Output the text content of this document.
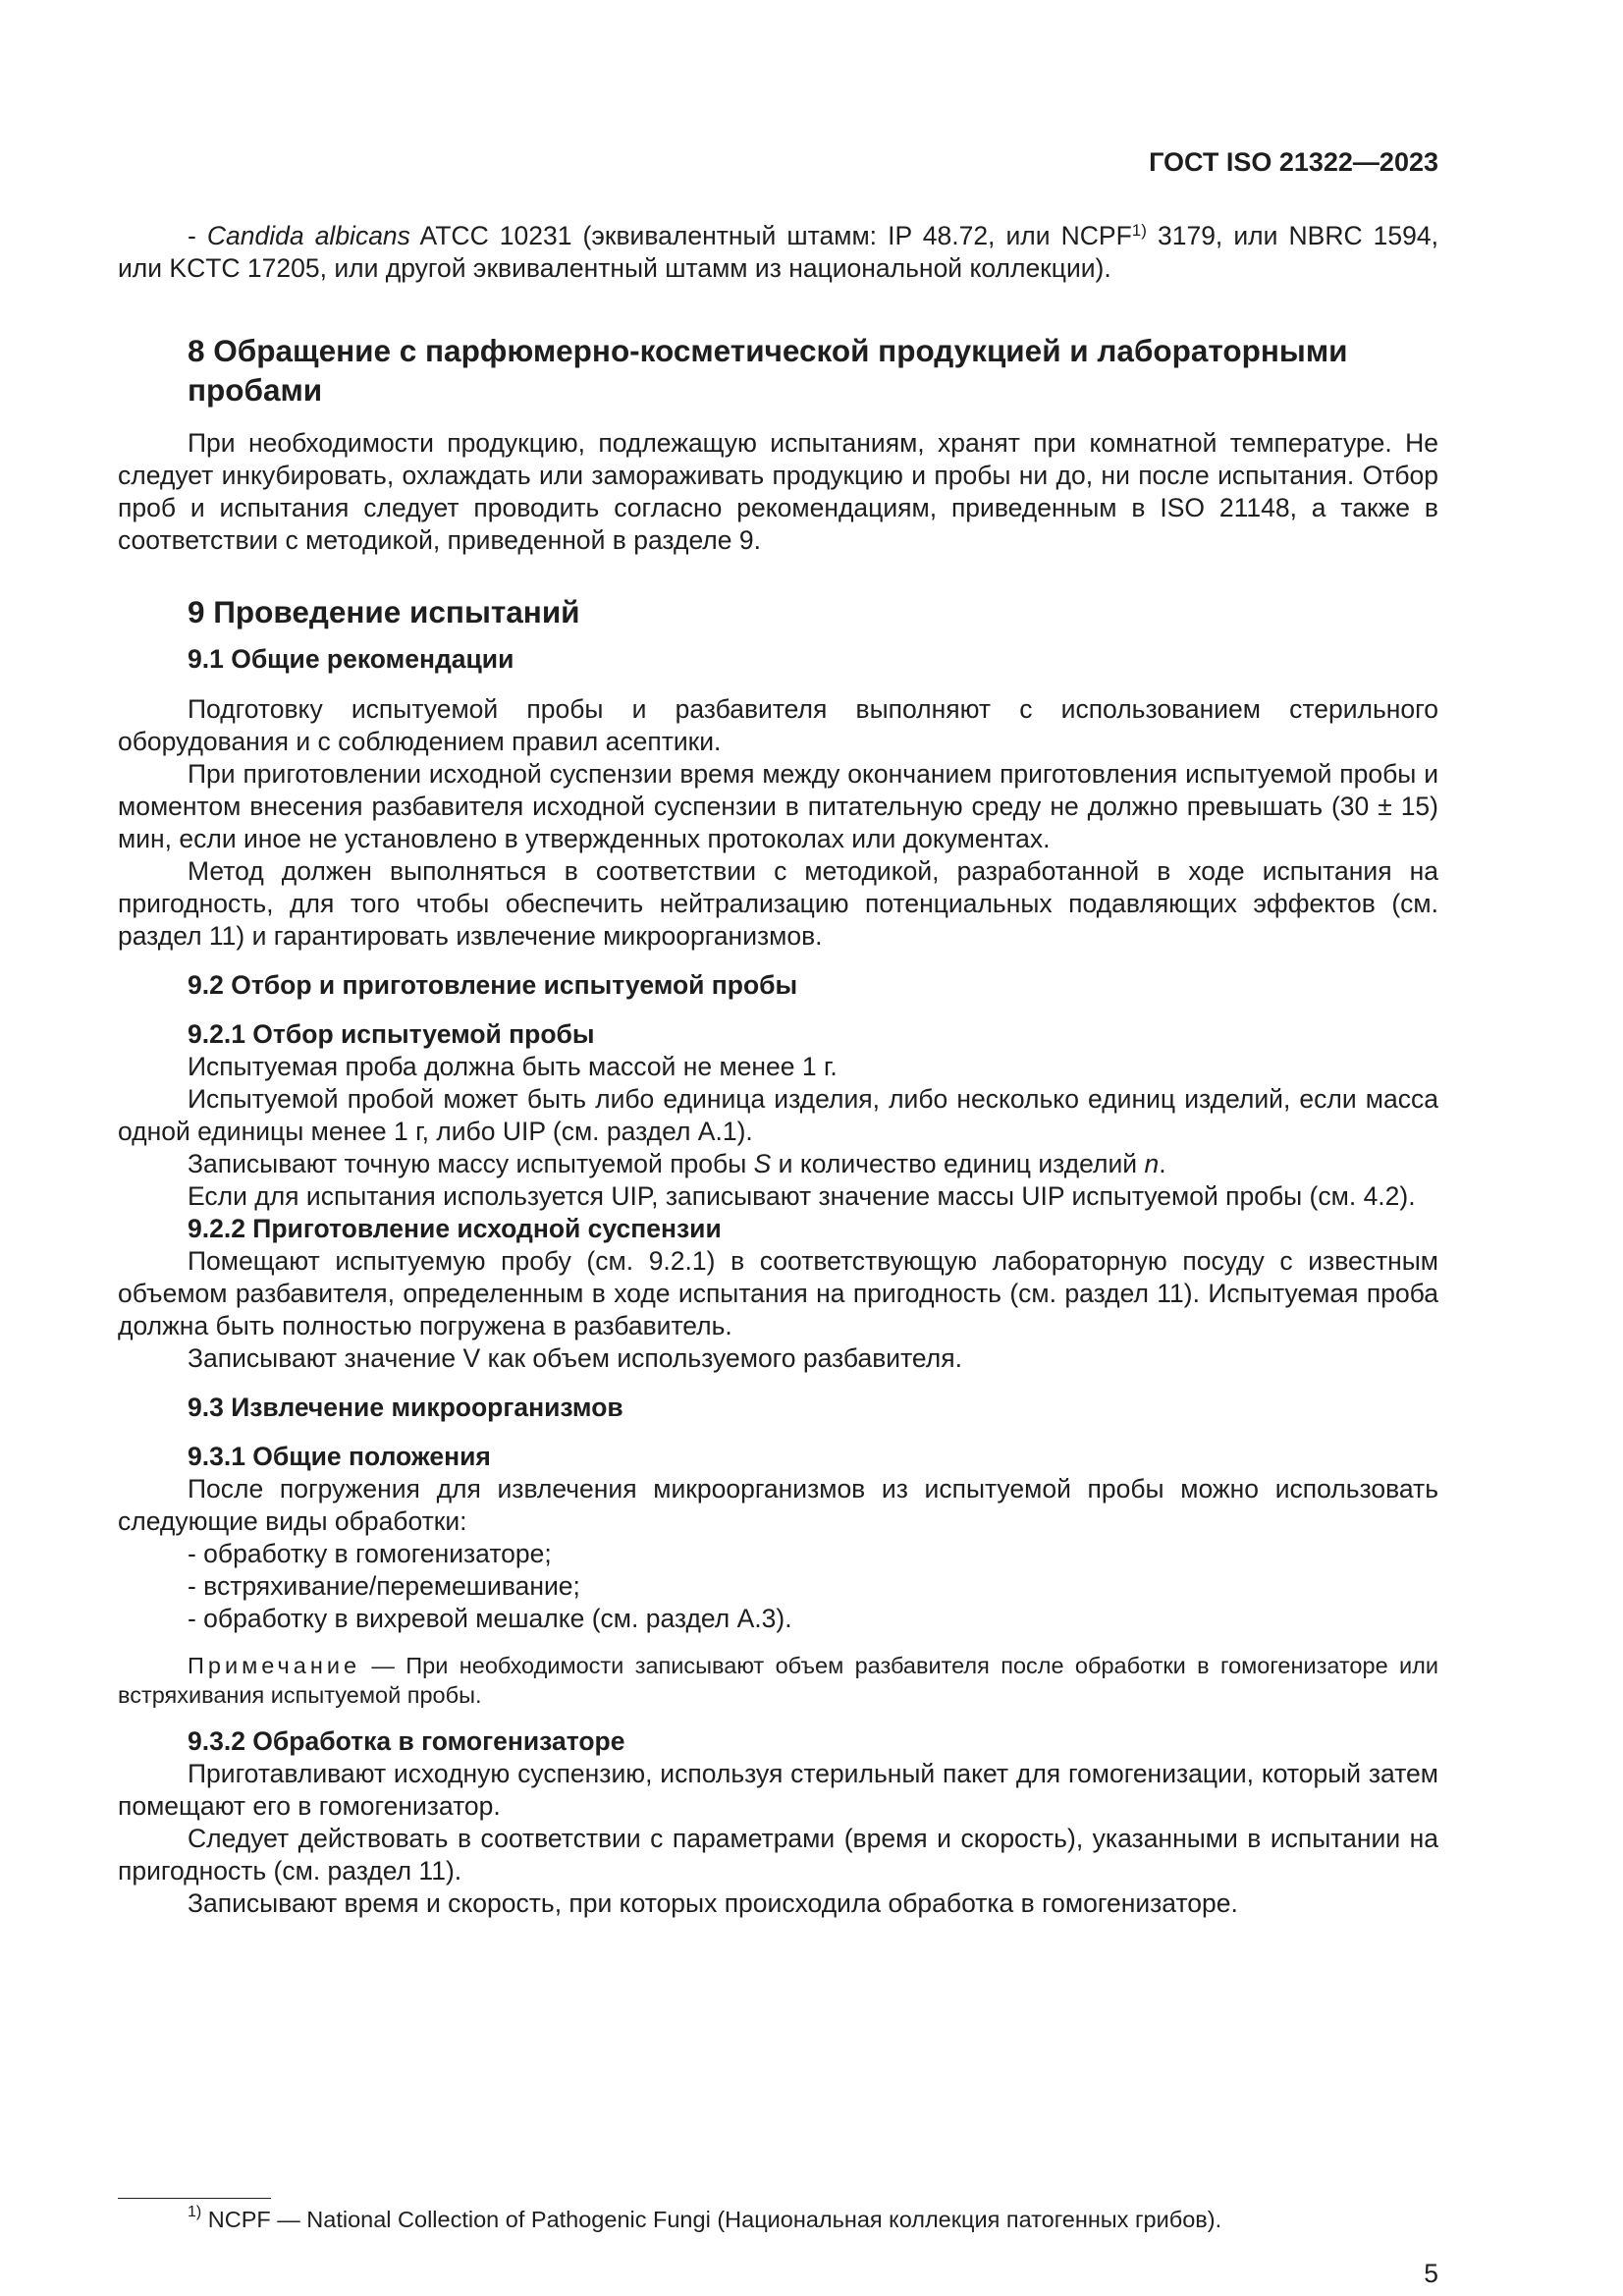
ГОСТ ISO 21322—2023

- Candida albicans ATCC 10231 (эквивалентный штамм: IP 48.72, или NCPF$^{1)}$ 3179, или NBRC 1594, или KCTC 17205, или другой эквивалентный штамм из национальной коллекции).

8 Обращение с парфюмерно-косметической продукцией и лабораторными пробами

При необходимости продукцию, подлежащую испытаниям, хранят при комнатной температуре. Не следует инкубировать, охлаждать или замораживать продукцию и пробы ни до, ни после испытания. Отбор проб и испытания следует проводить согласно рекомендациям, приведенным в ISO 21148, а также в соответствии с методикой, приведенной в разделе 9.

9 Проведение испытаний
9.1 Общие рекомендации

Подготовку испытуемой пробы и разбавителя выполняют с использованием стерильного оборудования и с соблюдением правил асептики.

При приготовлении исходной суспензии время между окончанием приготовления испытуемой пробы и моментом внесения разбавителя исходной суспензии в питательную среду не должно превышать (30 ± 15) мин, если иное не установлено в утвержденных протоколах или документах.

Метод должен выполняться в соответствии с методикой, разработанной в ходе испытания на пригодность, для того чтобы обеспечить нейтрализацию потенциальных подавляющих эффектов (см. раздел 11) и гарантировать извлечение микроорганизмов.

9.2 Отбор и приготовление испытуемой пробы
9.2.1 Отбор испытуемой пробы

Испытуемая проба должна быть массой не менее 1 г.

Испытуемой пробой может быть либо единица изделия, либо несколько единиц изделий, если масса одной единицы менее 1 г, либо UIP (см. раздел А.1).

Записывают точную массу испытуемой пробы S и количество единиц изделий n.

Если для испытания используется UIP, записывают значение массы UIP испытуемой пробы (см. 4.2).

9.2.2 Приготовление исходной суспензии

Помещают испытуемую пробу (см. 9.2.1) в соответствующую лабораторную посуду с известным объемом разбавителя, определенным в ходе испытания на пригодность (см. раздел 11). Испытуемая проба должна быть полностью погружена в разбавитель.

Записывают значение V как объем используемого разбавителя.

9.3 Извлечение микроорганизмов
9.3.1 Общие положения

После погружения для извлечения микроорганизмов из испытуемой пробы можно использовать следующие виды обработки:

- обработку в гомогенизаторе;

- встряхивание/перемешивание;

- обработку в вихревой мешалке (см. раздел А.3).

Примечание — При необходимости записывают объем разбавителя после обработки в гомогенизаторе или встряхивания испытуемой пробы.

9.3.2 Обработка в гомогенизаторе

Приготавливают исходную суспензию, используя стерильный пакет для гомогенизации, который затем помещают его в гомогенизатор.

Следует действовать в соответствии с параметрами (время и скорость), указанными в испытании на пригодность (см. раздел 11).

Записывают время и скорость, при которых происходила обработка в гомогенизаторе.

$^{1)}$ NCPF — National Collection of Pathogenic Fungi (Национальная коллекция патогенных грибов).
5
